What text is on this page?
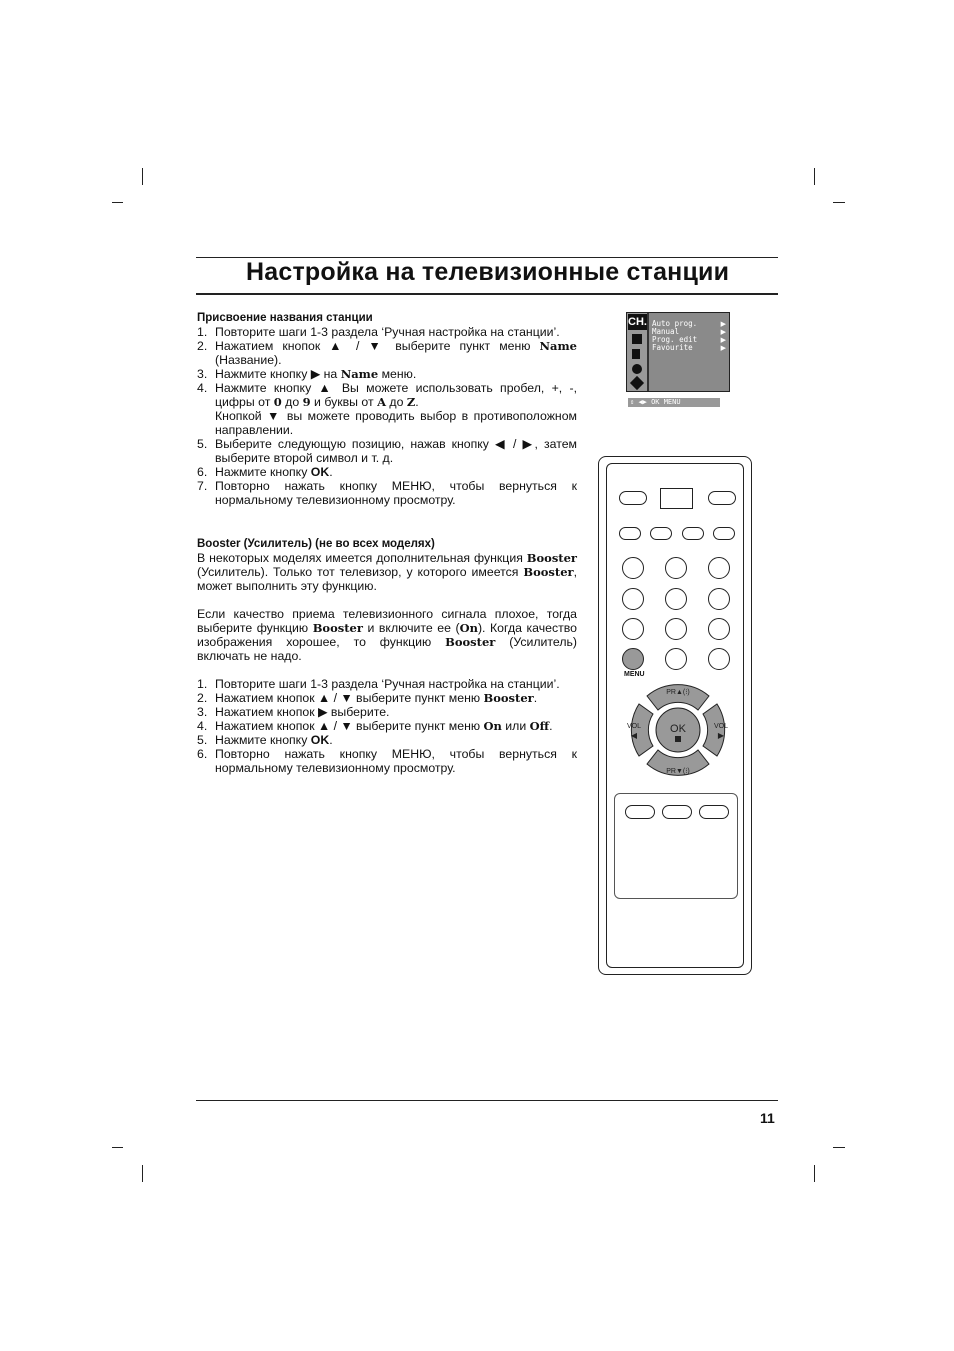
Настройка на телевизионные станции
Присвоение названия станции
1. Повторите шаги 1-3 раздела ‘Ручная настройка на станции’.
2. Нажатием кнопок ▲ / ▼ выберите пункт меню Name (Название).
3. Нажмите кнопку ▶ на Name меню.
4. Нажмите кнопку ▲ Вы можете использовать пробел, +, -, цифры от 0 до 9 и буквы от A до Z.
Кнопкой ▼ вы можете проводить выбор в противоположном направлении.
5. Выберите следующую позицию, нажав кнопку ◀ / ▶, затем выберите второй символ и т. д.
6. Нажмите кнопку OK.
7. Повторно нажать кнопку МЕНЮ, чтобы вернуться к нормальному телевизионному просмотру.
Booster (Усилитель) (не во всех моделях)
В некоторых моделях имеется дополнительная функция Booster (Усилитель). Только тот телевизор, у которого имеется Booster, может выполнить эту функцию.
Если качество приема телевизионного сигнала плохое, тогда выберите функцию Booster и включите ее (On). Когда качество изображения хорошее, то функцию Booster (Усилитель) включать не надо.
1. Повторите шаги 1-3 раздела ‘Ручная настройка на станции’.
2. Нажатием кнопок ▲ / ▼ выберите пункт меню Booster.
3. Нажатием кнопок ▶ выберите.
4. Нажатием кнопок ▲ / ▼ выберите пункт меню On или Off.
5. Нажмите кнопку OK.
6. Повторно нажать кнопку МЕНЮ, чтобы вернуться к нормальному телевизионному просмотру.
CH. Auto prog.
Manual
Prog. edit
Favourite
▶
▶
▶
▶
⇕ ◀▶ OK MENU
MENU
OK
PR▲(⁝)
PR▼(⁝)
VOL
◀
VOL
▶
11
